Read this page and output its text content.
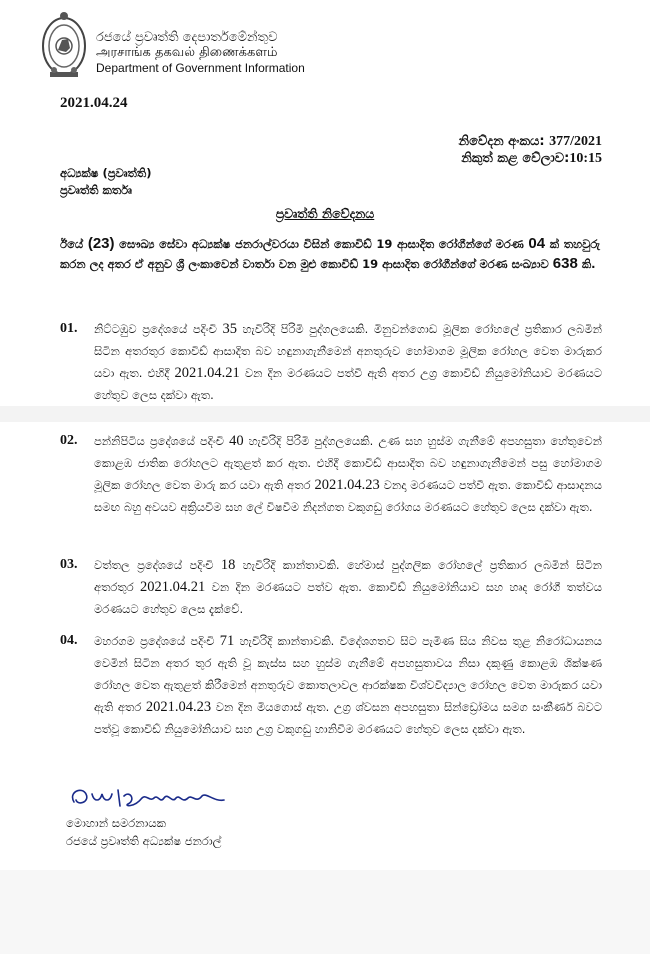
රජයේ ප්‍රවෘත්ති දෙපාර්තමේන්තුව
அரசாங்க தகவல் திணைக்களம்
Department of Government Information
2021.04.24
නිවේදන අංකය: 377/2021
නිකුත් කළ වේලාව:10:15
අධ්‍යක්ෂ (ප්‍රවෘත්ති)
ප්‍රවෘත්ති කර්තෘ
ප්‍රවෘත්ති නිවේදනය
ඊයේ (23) සෞඛ්‍ය සේවා අධ්‍යක්ෂ ජනරාල්වරයා විසින් කොවිඩ් 19 ආසාදිත රෝගීන්ගේ මරණ 04 ක් තහවුරු කරන ලද අතර ඒ අනුව ශ්‍රී ලංකාවෙන් වාර්තා වන මුළු කොවිඩ් 19 ආසාදිත රෝගීන්ගේ මරණ සංඛ්‍යාව 638 කි.
01. නිට්ටඹුව ප්‍රදේශයේ පදිංචි 35 හැවිරිදි පිරිමි පුද්ගලයෙකි. මිනුවන්ගොඩ මූලික රෝහලේ ප්‍රතිකාර ලබමින් සිටින අතරතුර කොවිඩ් ආසාදිත බව හඳුනාගැනීමෙන් අනතුරුව හෝමාගම මූලික රෝහල වෙත මාරුකර යවා ඇත. එහිදී 2021.04.21 වන දින මරණයට පත්වී ඇති අතර උග්‍ර කොවිඩ් නියුමෝනියාව මරණයට හේතුව ලෙස දක්වා ඇත.
02. පන්නිපිටිය ප්‍රදේශයේ පදිංචි 40 හැවිරිදි පිරිමි පුද්ගලයෙකි. උණ සහ හුස්ම ගැනීමේ අපහසුතා හේතුවෙන් කොළඹ ජාතික රෝහලට ඇතුළත් කර ඇත. එහිදී කොවිඩ් ආසාදිත බව හඳුනාගැනීමෙන් පසු හෝමාගම මූලික රෝහල වෙත මාරු කර යවා ඇති අතර 2021.04.23 වනදා මරණයට පත්වී ඇත. කොවිඩ් ආසාදනය සමඟ බහු අවයව අක්‍රියවීම සහ ලේ විෂවීම නිදන්ගත වකුගඩු රෝගය මරණයට හේතුව ලෙස දක්වා ඇත.
03. වත්තල ප්‍රදේශයේ පදිංචි 18 හැවිරිදි කාන්තාවකි. හේමාස් පුද්ගලික රෝහලේ ප්‍රතිකාර ලබමින් සිටින අතරතුර 2021.04.21 වන දින මරණයට පත්ව ඇත. කොවිඩ් නියුමෝනියාව සහ හෘද රෝගී තත්වය මරණයට හේතුව ලෙස දැක්වේ.
04. මහරගම ප්‍රදේශයේ පදිංචි 71 හැවිරිදි කාන්තාවකි. විදේශගතව සිට පැමිණ සිය නිවස තුළ නිරෝධායනය වෙමින් සිටින අතර තුර ඇති වූ කැස්ස සහ හුස්ම ගැනීමේ අපහසුතාවය නිසා දකුණු කොළඹ ශික්ෂණ රෝහල වෙත ඇතුළත් කිරීමෙන් අනතුරුව කොතලාවල ආරක්ෂක විශ්වවිද්‍යාල රෝහල වෙත මාරුකර යවා ඇති අතර 2021.04.23 වන දින මියගොස් ඇත. උග්‍ර ශ්වසන අපහසුතා සින්ඩ්‍රෝමය සමග සංකීර්ණ බවට පත්වූ කොවිඩ් නියුමෝනියාව සහ උග්‍ර වකුගඩු හානිවීම මරණයට හේතුව ලෙස දක්වා ඇත.
මොහාන් සමරනායක
රජයේ ප්‍රවෘත්ති අධ්‍යක්ෂ ජනරාල්
